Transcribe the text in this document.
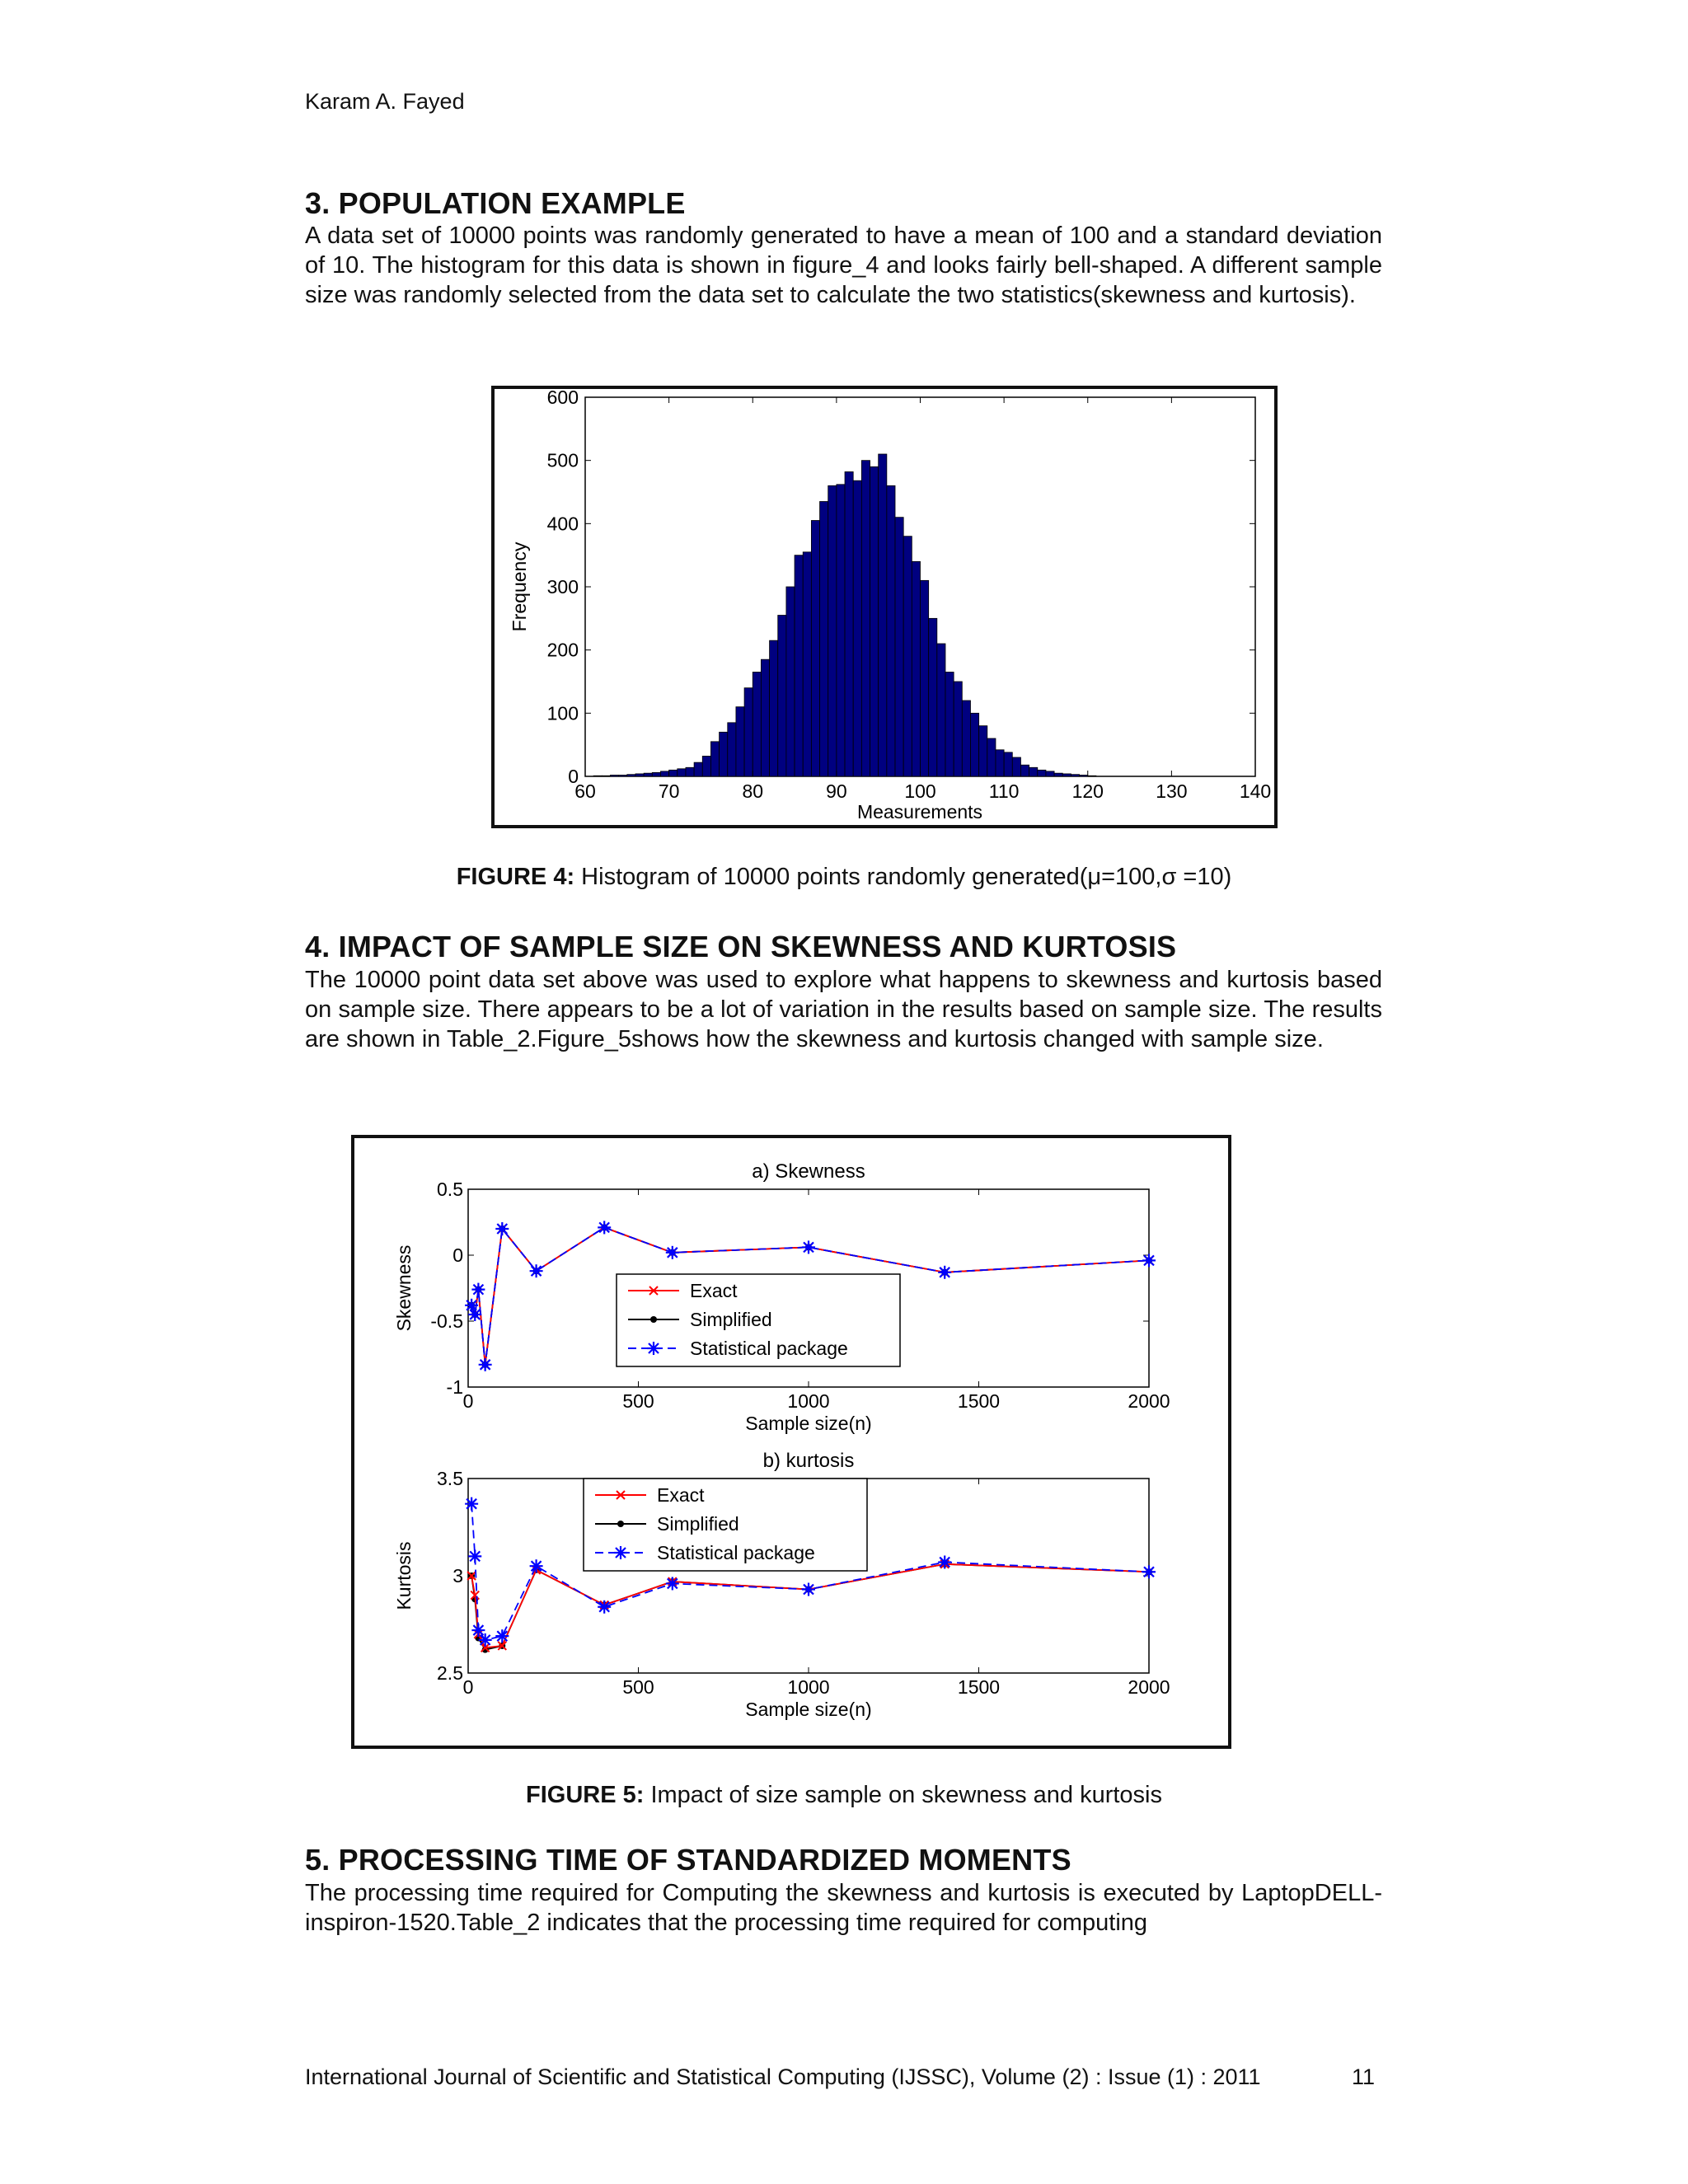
Karam A. Fayed
3. POPULATION EXAMPLE
A data set of 10000 points was randomly generated to have a mean of 100 and a standard deviation of 10. The histogram for this data is shown in figure_4 and looks fairly bell-shaped. A different sample size was randomly selected from the data set to calculate the two statistics(skewness and kurtosis).
60	70	80	90	100	110	120	130	140
0
100
200
300
400
500
600
Measurements
Frequency
FIGURE 4: Histogram of 10000 points randomly generated(μ=100,σ =10)
4. IMPACT OF SAMPLE SIZE ON SKEWNESS AND KURTOSIS
The 10000 point data set above was used to explore what happens to skewness and kurtosis based on sample size. There appears to be a lot of variation in the results based on sample size. The results are shown in Table_2.Figure_5shows how the skewness and kurtosis changed with sample size.
a) Skewness
0	500	1000	1500	2000
-1
-0.5
0
0.5
Sample size(n)
Skewness	Exact
Simplified
Statistical package
b) kurtosis
0	500	1000	1500	2000
2.5
3
3.5
Sample size(n)
Kurtosis
Exact
Simplified
Statistical package
FIGURE 5: Impact of size sample on skewness and kurtosis
5. PROCESSING TIME OF STANDARDIZED MOMENTS
The processing time required for Computing the skewness and kurtosis is executed by LaptopDELL-inspiron-1520.Table_2 indicates that the processing time required for computing
International Journal of Scientific and Statistical Computing (IJSSC), Volume (2) : Issue (1) : 2011	11
